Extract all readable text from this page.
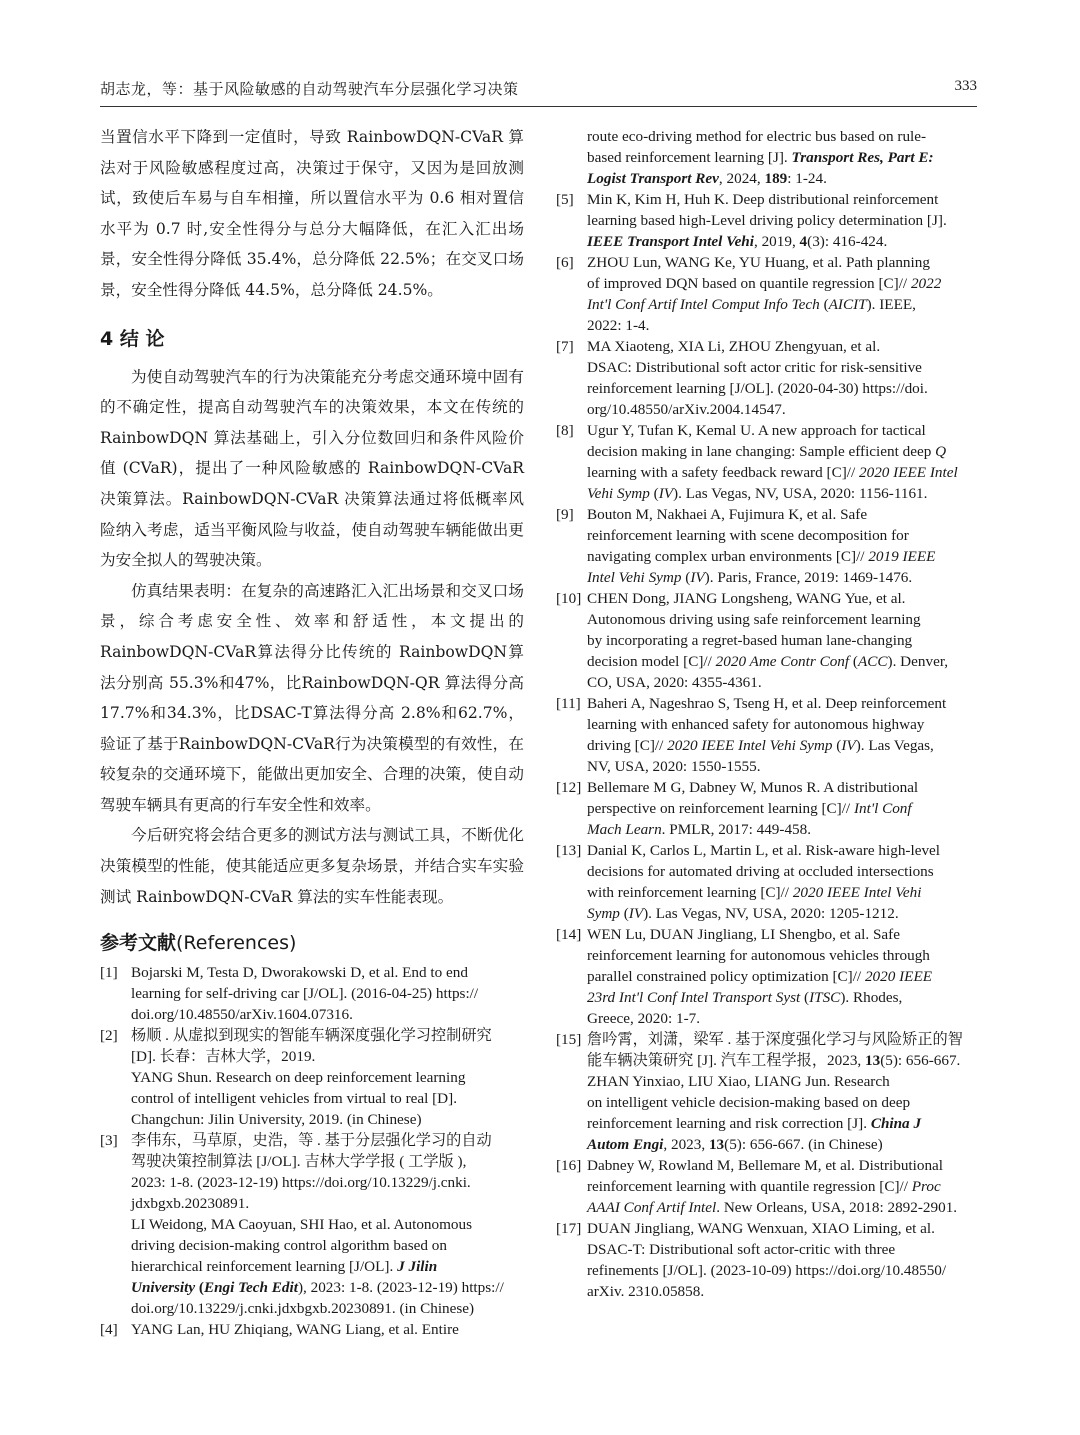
胡志龙，等：基于风险敏感的自动驾驶汽车分层强化学习决策	333

当置信水平下降到一定值时，导致 RainbowDQN-CVaR 算法对于风险敏感程度过高，决策过于保守，又因为是回放测试，致使后车易与自车相撞，所以置信水平为 0.6 相对置信水平为 0.7 时,安全性得分与总分大幅降低，在汇入汇出场景，安全性得分降低 35.4%，总分降低 22.5%；在交叉口场景，安全性得分降低 44.5%，总分降低 24.5%。

4 结 论

为使自动驾驶汽车的行为决策能充分考虑交通环境中固有的不确定性，提高自动驾驶汽车的决策效果，本文在传统的 RainbowDQN 算法基础上，引入分位数回归和条件风险价值 (CVaR)，提出了一种风险敏感的 RainbowDQN-CVaR 决策算法。RainbowDQN-CVaR 决策算法通过将低概率风险纳入考虑，适当平衡风险与收益，使自动驾驶车辆能做出更为安全拟人的驾驶决策。

仿真结果表明：在复杂的高速路汇入汇出场景和交叉口场景，综合考虑安全性、效率和舒适性，本文提出的 RainbowDQN-CVaR算法得分比传统的 RainbowDQN算法分别高 55.3%和47%，比RainbowDQN-QR 算法得分高 17.7%和34.3%，比DSAC-T算法得分高 2.8%和62.7%，验证了基于RainbowDQN-CVaR行为决策模型的有效性，在较复杂的交通环境下，能做出更加安全、合理的决策，使自动驾驶车辆具有更高的行车安全性和效率。

今后研究将会结合更多的测试方法与测试工具，不断优化决策模型的性能，使其能适应更多复杂场景，并结合实车实验测试 RainbowDQN-CVaR 算法的实车性能表现。

参考文献(References)
[1] Bojarski M, Testa D, Dworakowski D, et al. End to end
learning for self-driving car [J/OL]. (2016-04-25) https://
doi.org/10.48550/arXiv.1604.07316.
[2] 杨顺 . 从虚拟到现实的智能车辆深度强化学习控制研究
[D]. 长春：吉林大学，2019.
YANG Shun. Research on deep reinforcement learning
control of intelligent vehicles from virtual to real [D].
Changchun: Jilin University, 2019. (in Chinese)
[3] 李伟东，马草原，史浩，等 . 基于分层强化学习的自动
驾驶决策控制算法 [J/OL]. 吉林大学学报 ( 工学版 ),
2023: 1-8. (2023-12-19) https://doi.org/10.13229/j.cnki.
jdxbgxb.20230891.
LI Weidong, MA Caoyuan, SHI Hao, et al. Autonomous
driving decision-making control algorithm based on
hierarchical reinforcement learning [J/OL]. J Jilin
University (Engi Tech Edit), 2023: 1-8. (2023-12-19) https://
doi.org/10.13229/j.cnki.jdxbgxb.20230891. (in Chinese)
[4] YANG Lan, HU Zhiqiang, WANG Liang, et al. Entire
route eco-driving method for electric bus based on rule-
based reinforcement learning [J]. Transport Res, Part E:
Logist Transport Rev, 2024, 189: 1-24.
[5] Min K, Kim H, Huh K. Deep distributional reinforcement
learning based high-Level driving policy determination [J].
IEEE Transport Intel Vehi, 2019, 4(3): 416-424.
[6] ZHOU Lun, WANG Ke, YU Huang, et al. Path planning
of improved DQN based on quantile regression [C]// 2022
Int'l Conf Artif Intel Comput Info Tech (AICIT). IEEE,
2022: 1-4.
[7] MA Xiaoteng, XIA Li, ZHOU Zhengyuan, et al.
DSAC: Distributional soft actor critic for risk-sensitive
reinforcement learning [J/OL]. (2020-04-30) https://doi.
org/10.48550/arXiv.2004.14547.
[8] Ugur Y, Tufan K, Kemal U. A new approach for tactical
decision making in lane changing: Sample efficient deep Q
learning with a safety feedback reward [C]// 2020 IEEE Intel
Vehi Symp (IV). Las Vegas, NV, USA, 2020: 1156-1161.
[9] Bouton M, Nakhaei A, Fujimura K, et al. Safe
reinforcement learning with scene decomposition for
navigating complex urban environments [C]// 2019 IEEE
Intel Vehi Symp (IV). Paris, France, 2019: 1469-1476.
[10] CHEN Dong, JIANG Longsheng, WANG Yue, et al.
Autonomous driving using safe reinforcement learning
by incorporating a regret-based human lane-changing
decision model [C]// 2020 Ame Contr Conf (ACC). Denver,
CO, USA, 2020: 4355-4361.
[11] Baheri A, Nageshrao S, Tseng H, et al. Deep reinforcement
learning with enhanced safety for autonomous highway
driving [C]// 2020 IEEE Intel Vehi Symp (IV). Las Vegas,
NV, USA, 2020: 1550-1555.
[12] Bellemare M G, Dabney W, Munos R. A distributional
perspective on reinforcement learning [C]// Int'l Conf
Mach Learn. PMLR, 2017: 449-458.
[13] Danial K, Carlos L, Martin L, et al. Risk-aware high-level
decisions for automated driving at occluded intersections
with reinforcement learning [C]// 2020 IEEE Intel Vehi
Symp (IV). Las Vegas, NV, USA, 2020: 1205-1212.
[14] WEN Lu, DUAN Jingliang, LI Shengbo, et al. Safe
reinforcement learning for autonomous vehicles through
parallel constrained policy optimization [C]// 2020 IEEE
23rd Int'l Conf Intel Transport Syst (ITSC). Rhodes,
Greece, 2020: 1-7.
[15] 詹吟霄，刘潇，梁军 . 基于深度强化学习与风险矫正的智
能车辆决策研究 [J]. 汽车工程学报，2023, 13(5): 656-667.
ZHAN Yinxiao, LIU Xiao, LIANG Jun. Research
on intelligent vehicle decision-making based on deep
reinforcement learning and risk correction [J]. China J
Autom Engi, 2023, 13(5): 656-667. (in Chinese)
[16] Dabney W, Rowland M, Bellemare M, et al. Distributional
reinforcement learning with quantile regression [C]// Proc
AAAI Conf Artif Intel. New Orleans, USA, 2018: 2892-2901.
[17] DUAN Jingliang, WANG Wenxuan, XIAO Liming, et al.
DSAC-T: Distributional soft actor-critic with three
refinements [J/OL]. (2023-10-09) https://doi.org/10.48550/
arXiv. 2310.05858.
